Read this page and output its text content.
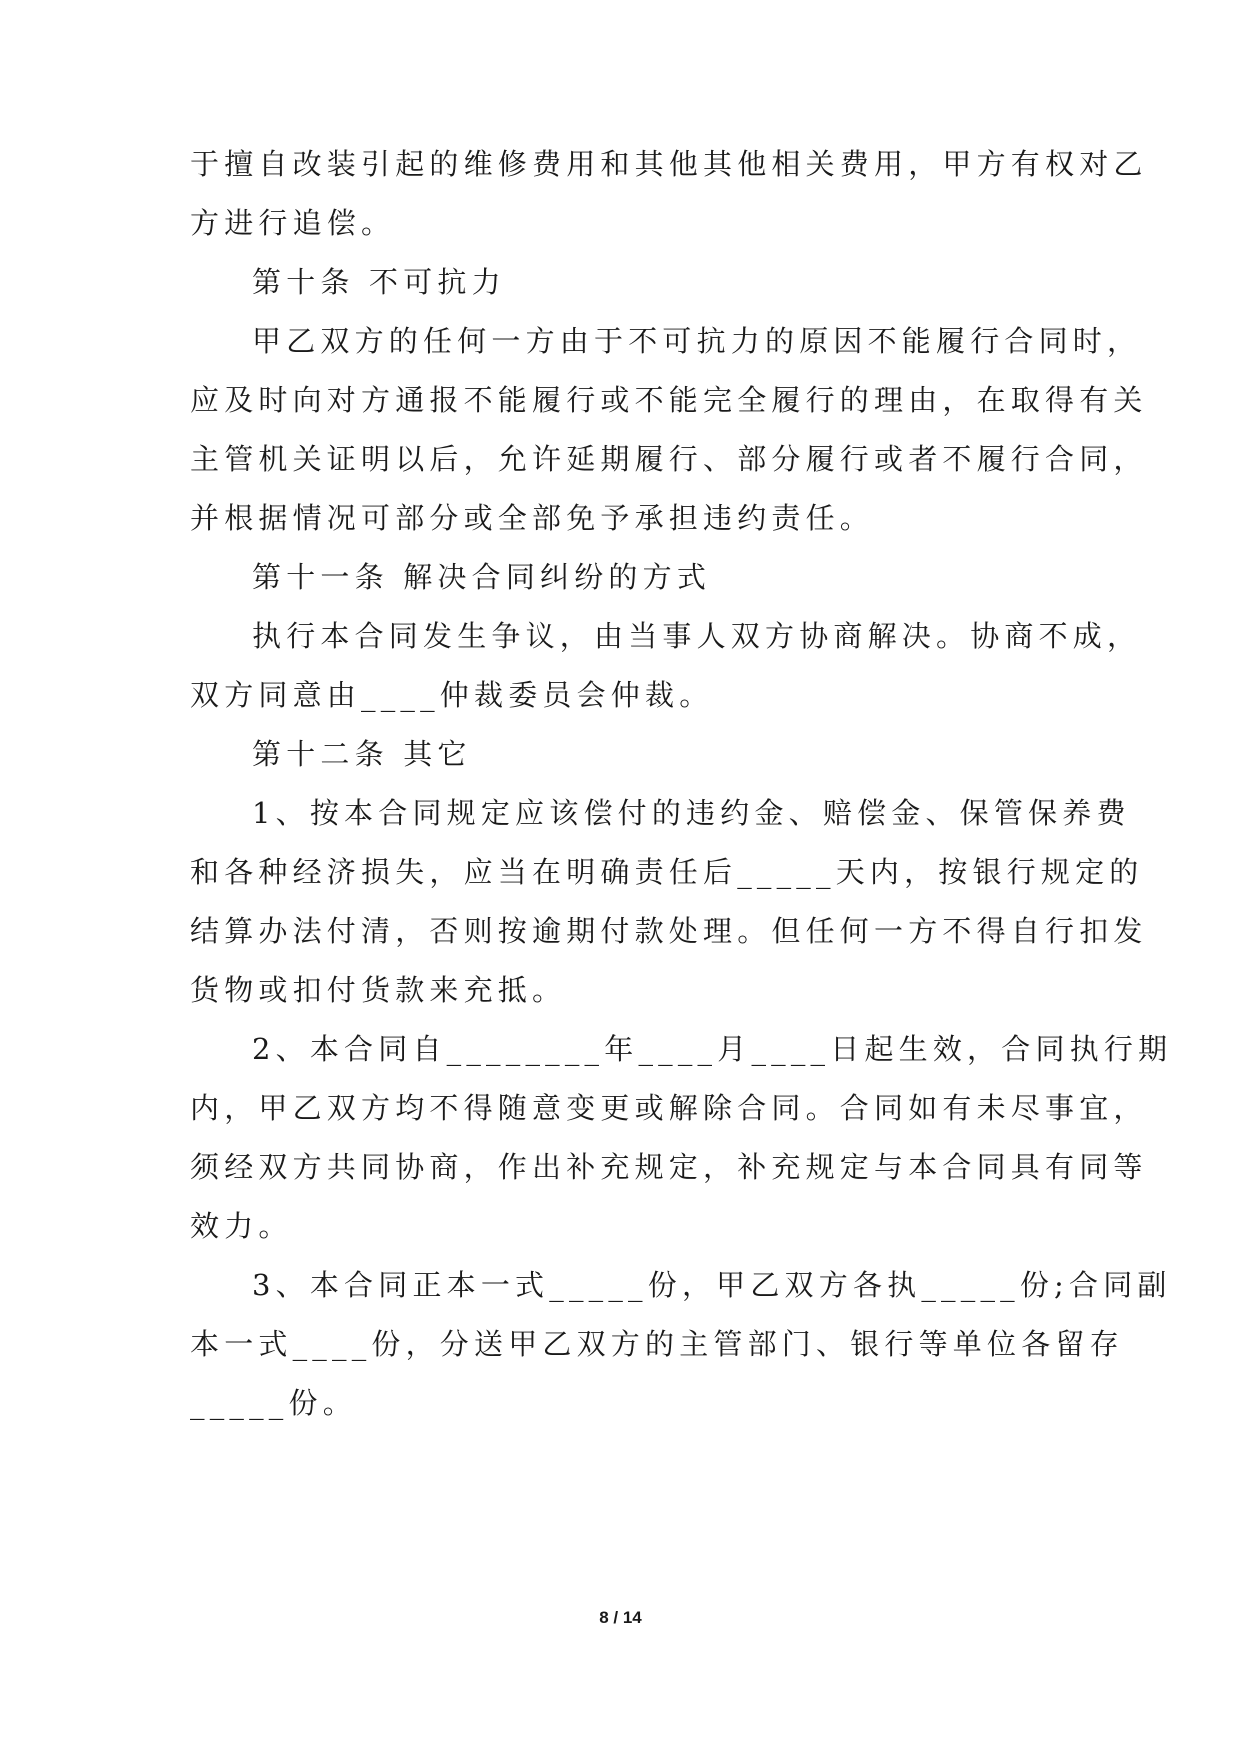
于擅自改装引起的维修费用和其他其他相关费用，甲方有权对乙
方进行追偿。
第十条 不可抗力
甲乙双方的任何一方由于不可抗力的原因不能履行合同时，
应及时向对方通报不能履行或不能完全履行的理由，在取得有关
主管机关证明以后，允许延期履行、部分履行或者不履行合同，
并根据情况可部分或全部免予承担违约责任。
第十一条 解决合同纠纷的方式
执行本合同发生争议，由当事人双方协商解决。协商不成，
双方同意由____仲裁委员会仲裁。
第十二条 其它
1、按本合同规定应该偿付的违约金、赔偿金、保管保养费
和各种经济损失，应当在明确责任后_____天内，按银行规定的
结算办法付清，否则按逾期付款处理。但任何一方不得自行扣发
货物或扣付货款来充抵。
2、本合同自________年____月____日起生效，合同执行期
内，甲乙双方均不得随意变更或解除合同。合同如有未尽事宜，
须经双方共同协商，作出补充规定，补充规定与本合同具有同等
效力。
3、本合同正本一式_____份，甲乙双方各执_____份;合同副
本一式____份，分送甲乙双方的主管部门、银行等单位各留存
_____份。
8 / 14
